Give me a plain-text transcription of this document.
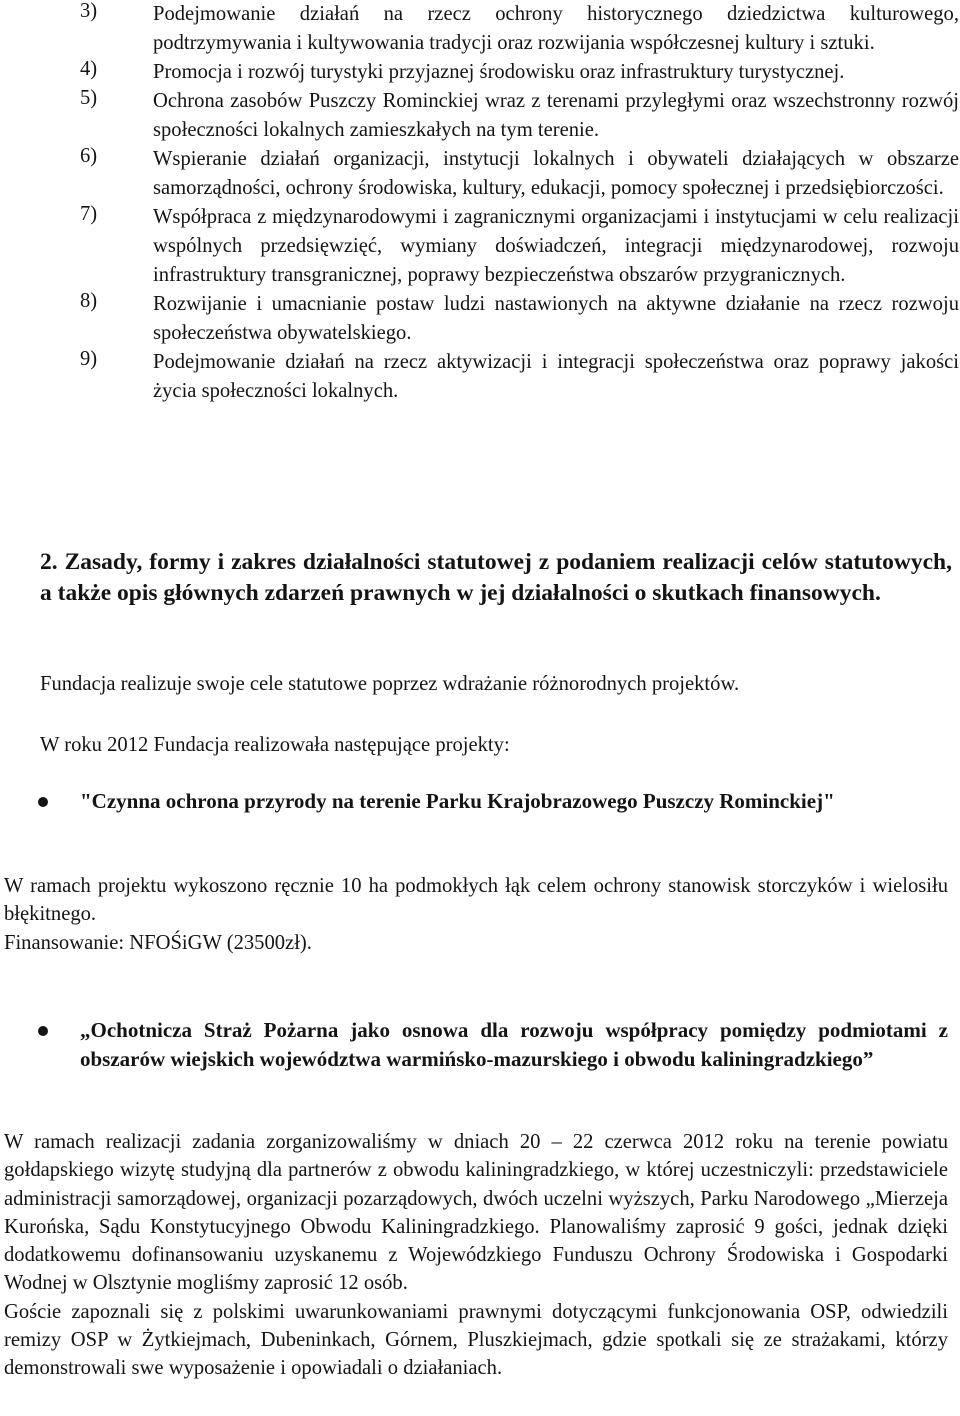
3)	Podejmowanie działań na rzecz ochrony historycznego dziedzictwa kulturowego, podtrzymywania i kultywowania tradycji oraz rozwijania współczesnej kultury i sztuki.
4)	Promocja i rozwój turystyki przyjaznej środowisku oraz infrastruktury turystycznej.
5)	Ochrona zasobów Puszczy Rominckiej wraz z terenami przyległymi oraz wszechstronny rozwój społeczności lokalnych zamieszkałych na tym terenie.
6)	Wspieranie działań organizacji, instytucji lokalnych i obywateli działających w obszarze samorządności, ochrony środowiska, kultury, edukacji, pomocy społecznej i przedsiębiorczości.
7)	Współpraca z międzynarodowymi i zagranicznymi organizacjami i instytucjami w celu realizacji wspólnych przedsięwzięć, wymiany doświadczeń, integracji międzynarodowej, rozwoju infrastruktury transgranicznej, poprawy bezpieczeństwa obszarów przygranicznych.
8)	Rozwijanie i umacnianie postaw ludzi nastawionych na aktywne działanie na rzecz rozwoju społeczeństwa obywatelskiego.
9)	Podejmowanie działań na rzecz aktywizacji i integracji społeczeństwa oraz poprawy jakości życia społeczności lokalnych.
2. Zasady, formy i zakres działalności statutowej z podaniem realizacji celów statutowych, a także opis głównych zdarzeń prawnych w jej działalności o skutkach finansowych.

Fundacja realizuje swoje cele statutowe poprzez wdrażanie różnorodnych projektów.

W roku 2012 Fundacja realizowała następujące projekty:

"Czynna ochrona przyrody na terenie Parku Krajobrazowego Puszczy Rominckiej"
W ramach projektu wykoszono ręcznie 10 ha podmokłych łąk celem ochrony stanowisk storczyków i wielosiłu błękitnego.
Finansowanie: NFOŚiGW (23500zł).
„Ochotnicza Straż Pożarna jako osnowa dla rozwoju współpracy pomiędzy podmiotami z obszarów wiejskich województwa warmińsko-mazurskiego i obwodu kaliningradzkiego”
W ramach realizacji zadania zorganizowaliśmy w dniach 20 – 22 czerwca 2012 roku na terenie powiatu gołdapskiego wizytę studyjną dla partnerów z obwodu kaliningradzkiego, w której uczestniczyli: przedstawiciele administracji samorządowej, organizacji pozarządowych, dwóch uczelni wyższych, Parku Narodowego „Mierzeja Kurońska, Sądu Konstytucyjnego Obwodu Kaliningradzkiego. Planowaliśmy zaprosić 9 gości, jednak dzięki dodatkowemu dofinansowaniu uzyskanemu z Wojewódzkiego Funduszu Ochrony Środowiska i Gospodarki Wodnej w Olsztynie mogliśmy zaprosić 12 osób.
Goście zapoznali się z polskimi uwarunkowaniami prawnymi dotyczącymi funkcjonowania OSP, odwiedzili remizy OSP w Żytkiejmach, Dubeninkach, Górnem, Pluszkiejmach, gdzie spotkali się ze strażakami, którzy demonstrowali swe wyposażenie i opowiadali o działaniach.
